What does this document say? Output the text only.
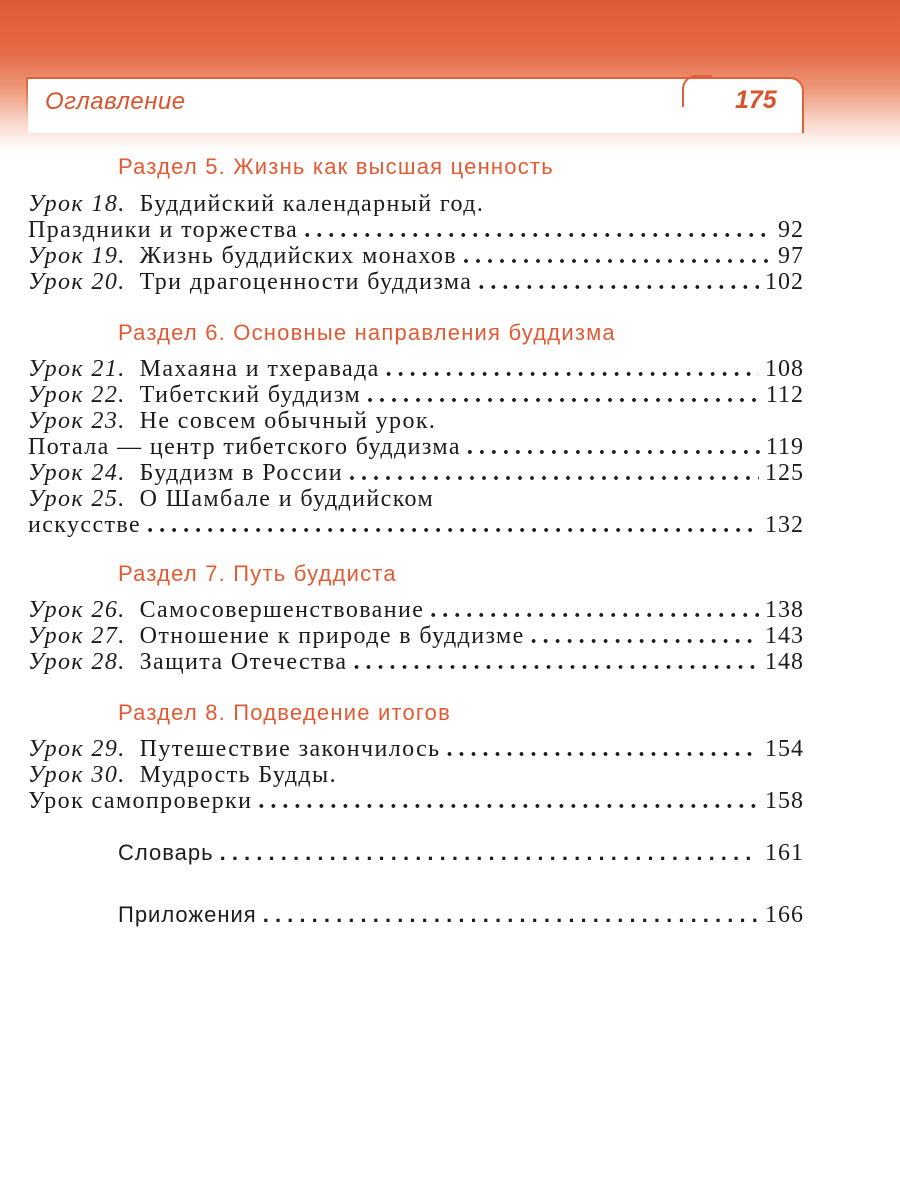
Оглавление	175
Раздел 5. Жизнь как высшая ценность
Урок 18. Буддийский календарный год.
Праздники и торжества . . .	92
Урок 19. Жизнь буддийских монахов . . .	97
Урок 20. Три драгоценности буддизма . . .	102
Раздел 6. Основные направления буддизма
Урок 21. Махаяна и тхеравада . . .	108
Урок 22. Тибетский буддизм . . .	112
Урок 23. Не совсем обычный урок.
Потала — центр тибетского буддизма . . .	119
Урок 24. Буддизм в России . . .	125
Урок 25. О Шамбале и буддийском
искусстве . . .	132
Раздел 7. Путь буддиста
Урок 26. Самосовершенствование . . .	138
Урок 27. Отношение к природе в буддизме . . .	143
Урок 28. Защита Отечества . . .	148
Раздел 8. Подведение итогов
Урок 29. Путешествие закончилось . . .	154
Урок 30. Мудрость Будды.
Урок самопроверки . . .	158
Словарь . . .	161
Приложения . . .	166
